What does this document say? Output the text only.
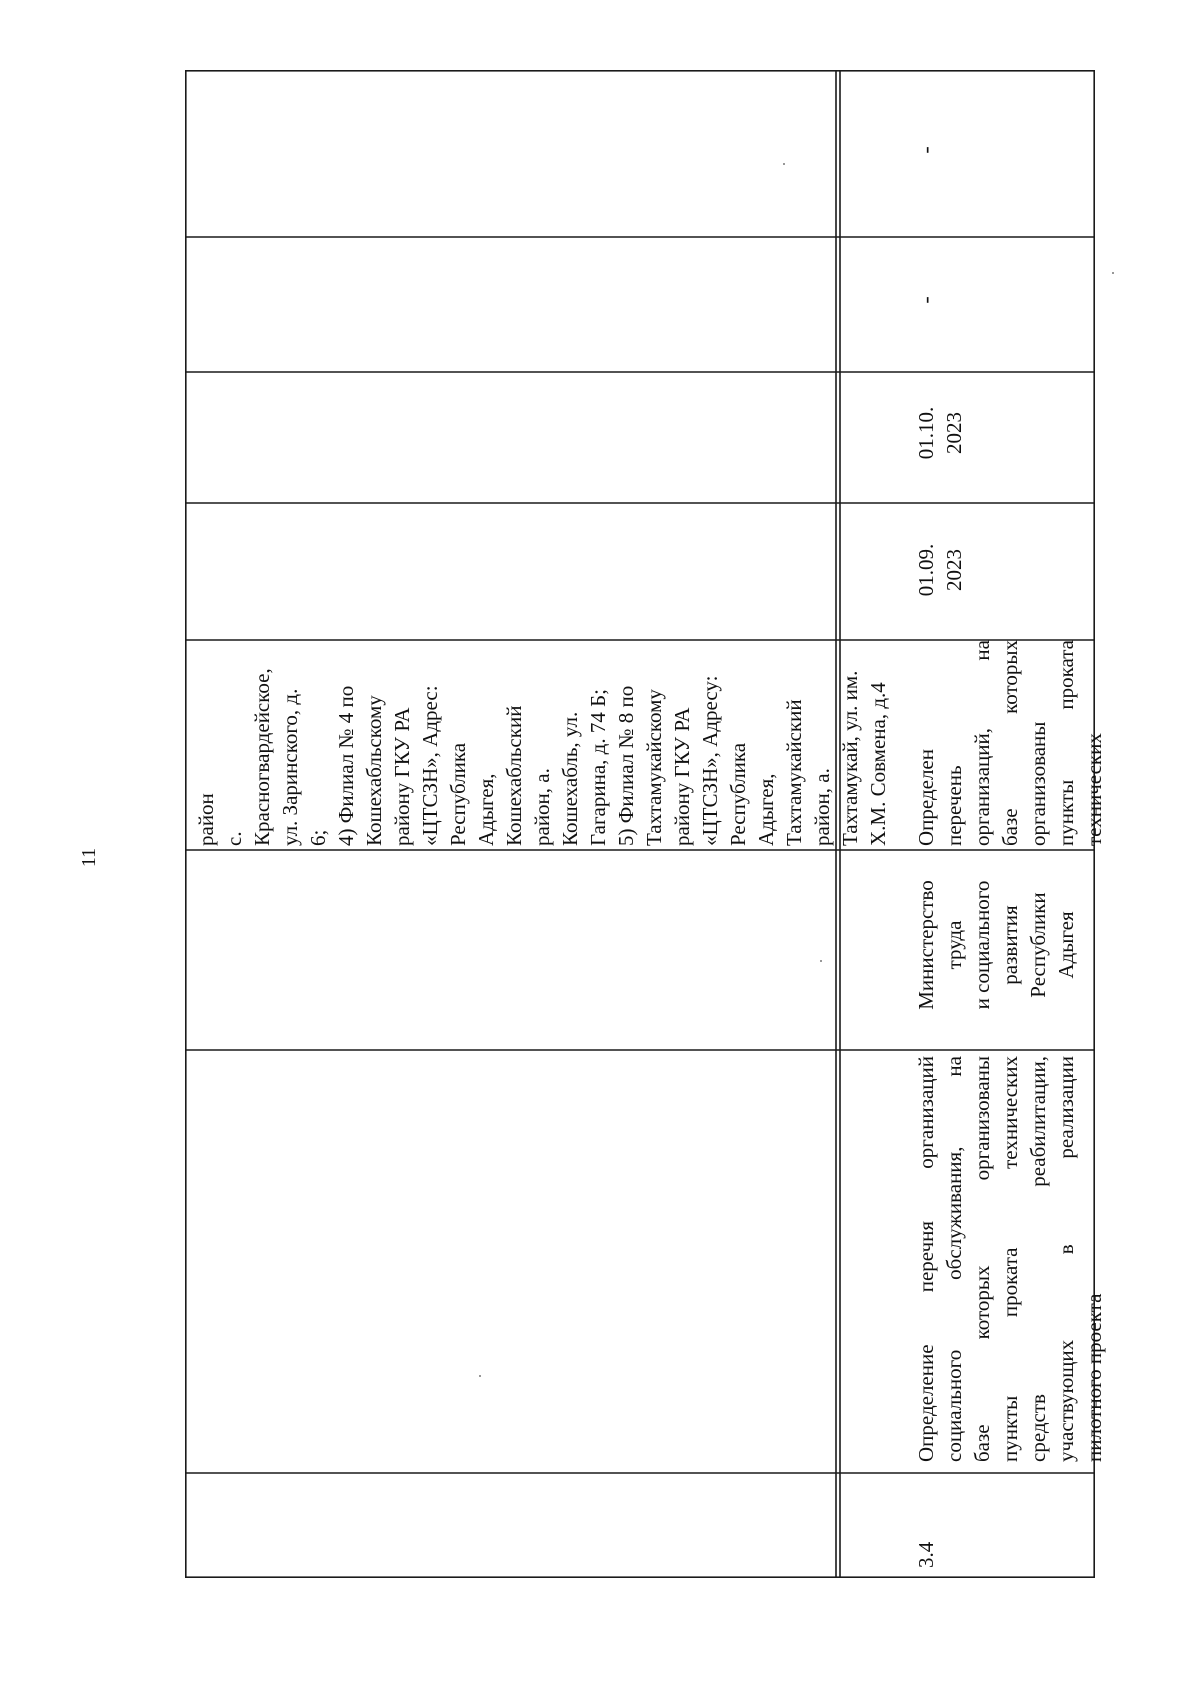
11
район с. Красногвардейское, ул. Заринского, д. 6; 4) Филиал № 4 по Кошехабльскому району ГКУ РА «ЦТСЗН», Адрес: Республика Адыгея, Кошехабльский район, а. Кошехабль, ул. Гагарина, д. 74 Б; 5) Филиал № 8 по Тахтамукайскому району ГКУ РА «ЦТСЗН», Адресу: Республика Адыгея, Тахтамукайский район, а. Тахтамукай, ул. им. Х.М. Совмена, д.4
3.4
Определение перечня организаций социального обслуживания, на базе которых организованы пункты проката технических средств реабилитации, участвующих в реализации пилотного проекта
Министерство труда и социального развития Республики Адыгея
Определен перечень организаций, на базе которых организованы пункты проката технических
01.09. 2023
01.10. 2023
-
-
